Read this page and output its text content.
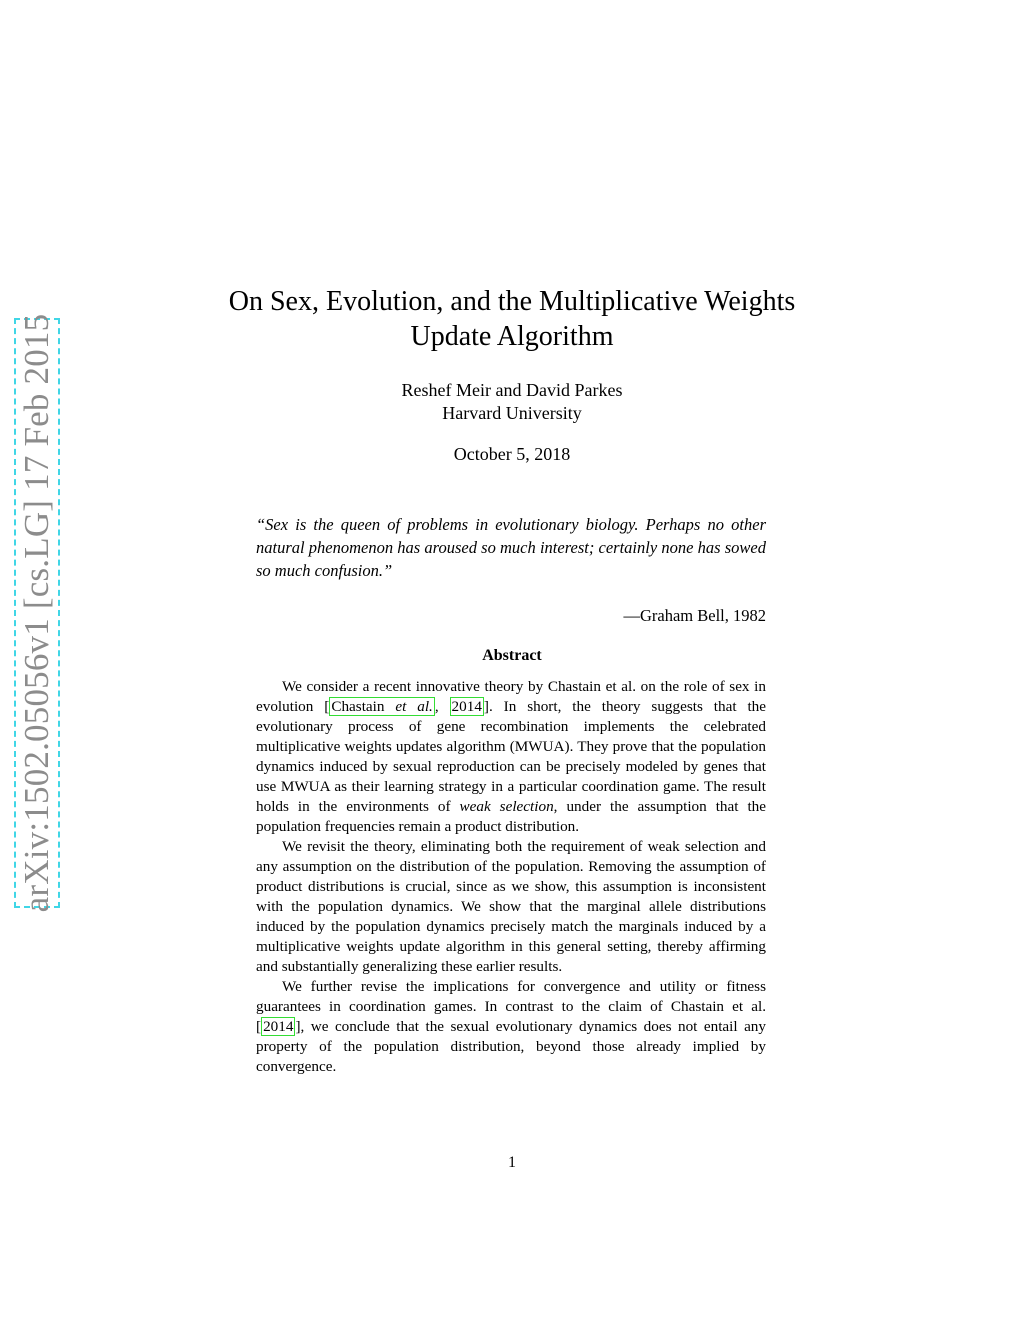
arXiv:1502.05056v1 [cs.LG] 17 Feb 2015
On Sex, Evolution, and the Multiplicative Weights
Update Algorithm
Reshef Meir and David Parkes
Harvard University
October 5, 2018
“Sex is the queen of problems in evolutionary biology. Perhaps no other natural phenomenon has aroused so much interest; certainly none has sowed so much confusion.”
—Graham Bell, 1982
Abstract

We consider a recent innovative theory by Chastain et al. on the role of sex in evolution [ Chastain et al. , 2014 ]. In short, the theory suggests that the evolutionary process of gene recombination implements the celebrated multiplicative weights updates algorithm (MWUA). They prove that the population dynamics induced by sexual reproduction can be precisely modeled by genes that use MWUA as their learning strategy in a particular coordination game. The result holds in the environments of weak selection, under the assumption that the population frequencies remain a product distribution.

We revisit the theory, eliminating both the requirement of weak selection and any assumption on the distribution of the population. Removing the assumption of product distributions is crucial, since as we show, this assumption is inconsistent with the population dynamics. We show that the marginal allele distributions induced by the population dynamics precisely match the marginals induced by a multiplicative weights update algorithm in this general setting, thereby affirming and substantially generalizing these earlier results.

We further revise the implications for convergence and utility or fitness guarantees in coordination games. In contrast to the claim of Chastain et al. [ 2014 ], we conclude that the sexual evolutionary dynamics does not entail any property of the population distribution, beyond those already implied by convergence.

1
